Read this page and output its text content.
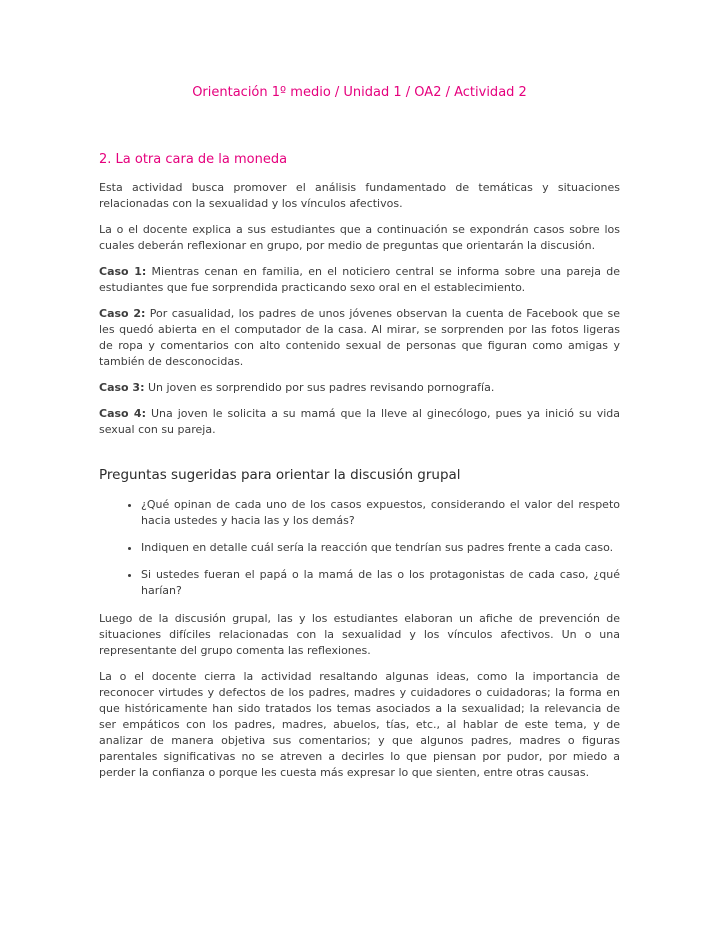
Orientación 1º medio / Unidad 1 / OA2 / Actividad 2
2. La otra cara de la moneda

Esta actividad busca promover el análisis fundamentado de temáticas y situaciones relacionadas con la sexualidad y los vínculos afectivos.

La o el docente explica a sus estudiantes que a continuación se expondrán casos sobre los cuales deberán reflexionar en grupo, por medio de preguntas que orientarán la discusión.

Caso 1: Mientras cenan en familia, en el noticiero central se informa sobre una pareja de estudiantes que fue sorprendida practicando sexo oral en el establecimiento.

Caso 2: Por casualidad, los padres de unos jóvenes observan la cuenta de Facebook que se les quedó abierta en el computador de la casa. Al mirar, se sorprenden por las fotos ligeras de ropa y comentarios con alto contenido sexual de personas que figuran como amigas y también de desconocidas.

Caso 3: Un joven es sorprendido por sus padres revisando pornografía.

Caso 4: Una joven le solicita a su mamá que la lleve al ginecólogo, pues ya inició su vida sexual con su pareja.

Preguntas sugeridas para orientar la discusión grupal
• ¿Qué opinan de cada uno de los casos expuestos, considerando el valor del respeto hacia ustedes y hacia las y los demás?
• Indiquen en detalle cuál sería la reacción que tendrían sus padres frente a cada caso.
• Si ustedes fueran el papá o la mamá de las o los protagonistas de cada caso, ¿qué harían?

Luego de la discusión grupal, las y los estudiantes elaboran un afiche de prevención de situaciones difíciles relacionadas con la sexualidad y los vínculos afectivos. Un o una representante del grupo comenta las reflexiones.

La o el docente cierra la actividad resaltando algunas ideas, como la importancia de reconocer virtudes y defectos de los padres, madres y cuidadores o cuidadoras; la forma en que históricamente han sido tratados los temas asociados a la sexualidad; la relevancia de ser empáticos con los padres, madres, abuelos, tías, etc., al hablar de este tema, y de analizar de manera objetiva sus comentarios; y que algunos padres, madres o figuras parentales significativas no se atreven a decirles lo que piensan por pudor, por miedo a perder la confianza o porque les cuesta más expresar lo que sienten, entre otras causas.
